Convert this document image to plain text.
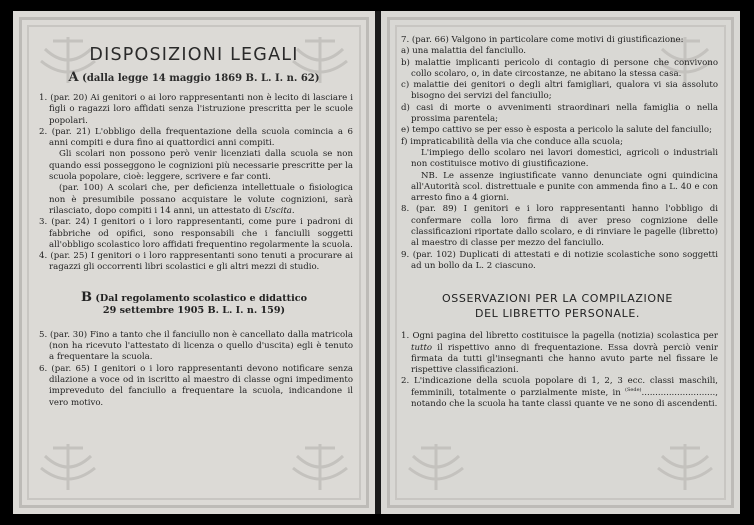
DISPOSIZIONI LEGALI
A (dalla legge 14 maggio 1869 B. L. I. n. 62)

1. (par. 20) Ai genitori o ai loro rappresentanti non è lecito di lasciare i figli o ragazzi loro affidati senza l'istruzione prescritta per le scuole popolari.

2. (par. 21) L'obbligo della frequentazione della scuola comincia a 6 anni compiti e dura fino ai quattordici anni compiti.

Gli scolari non possono però venir licenziati dalla scuola se non quando essi posseggono le cognizioni più necessarie prescritte per la scuola popolare, cioè: leggere, scrivere e far conti.

(par. 100) A scolari che, per deficienza intellettuale o fisiologica non è presumibile possano acquistare le volute cognizioni, sarà rilasciato, dopo compiti i 14 anni, un attestato di Uscita.

3. (par. 24) I genitori o i loro rappresentanti, come pure i padroni di fabbriche od opifici, sono responsabili che i fanciulli soggetti all'obbligo scolastico loro affidati frequentino regolarmente la scuola.

4. (par. 25) I genitori o i loro rappresentanti sono tenuti a procurare ai ragazzi gli occorrenti libri scolastici e gli altri mezzi di studio.

B (Dal regolamento scolastico e didattico
29 settembre 1905 B. L. I. n. 159)

5. (par. 30) Fino a tanto che il fanciullo non è cancellato dalla matricola (non ha ricevuto l'attestato di licenza o quello d'uscita) egli è tenuto a frequentare la scuola.

6. (par. 65) I genitori o i loro rappresentanti devono notificare senza dilazione a voce od in iscritto al maestro di classe ogni impedimento impreveduto del fanciullo a frequentare la scuola, indicandone il vero motivo.

7. (par. 66) Valgono in particolare come motivi di giustificazione:

a) una malattia del fanciullo.

b) malattie implicanti pericolo di contagio di persone che convivono collo scolaro, o, in date circostanze, ne abitano la stessa casa.

c) malattie dei genitori o degli altri famigliari, qualora vi sia assoluto bisogno dei servizi del fanciullo;

d) casi di morte o avvenimenti straordinari nella famiglia o nella prossima parentela;

e) tempo cattivo se per esso è esposta a pericolo la salute del fanciullo;

f) impraticabilità della via che conduce alla scuola;

L'impiego dello scolaro nei lavori domestici, agricoli o industriali non costituisce motivo di giustificazione.

NB. Le assenze ingiustificate vanno denunciate ogni quindicina all'Autorità scol. distrettuale e punite con ammenda fino a L. 40 e con arresto fino a 4 giorni.

8. (par. 89) I genitori e i loro rappresentanti hanno l'obbligo di confermare colla loro firma di aver preso cognizione delle classificazioni riportate dallo scolaro, e di rinviare le pagelle (libretto) al maestro di classe per mezzo del fanciullo.

9. (par. 102) Duplicati di attestati e di notizie scolastiche sono soggetti ad un bollo da L. 2 ciascuno.

OSSERVAZIONI PER LA COMPILAZIONE
DEL LIBRETTO PERSONALE.

1. Ogni pagina del libretto costituisce la pagella (notizia) scolastica per tutto il rispettivo anno di frequentazione. Essa dovrà perciò venir firmata da tutti gl'insegnanti che hanno avuto parte nel fissare le rispettive classificazioni.

2. L'indicazione della scuola popolare di 1, 2, 3 ecc. classi maschili, femminili, totalmente o parzialmente miste, in $^{(Sede)}$..........................., notando che la scuola ha tante classi quante ve ne sono di ascendenti.
